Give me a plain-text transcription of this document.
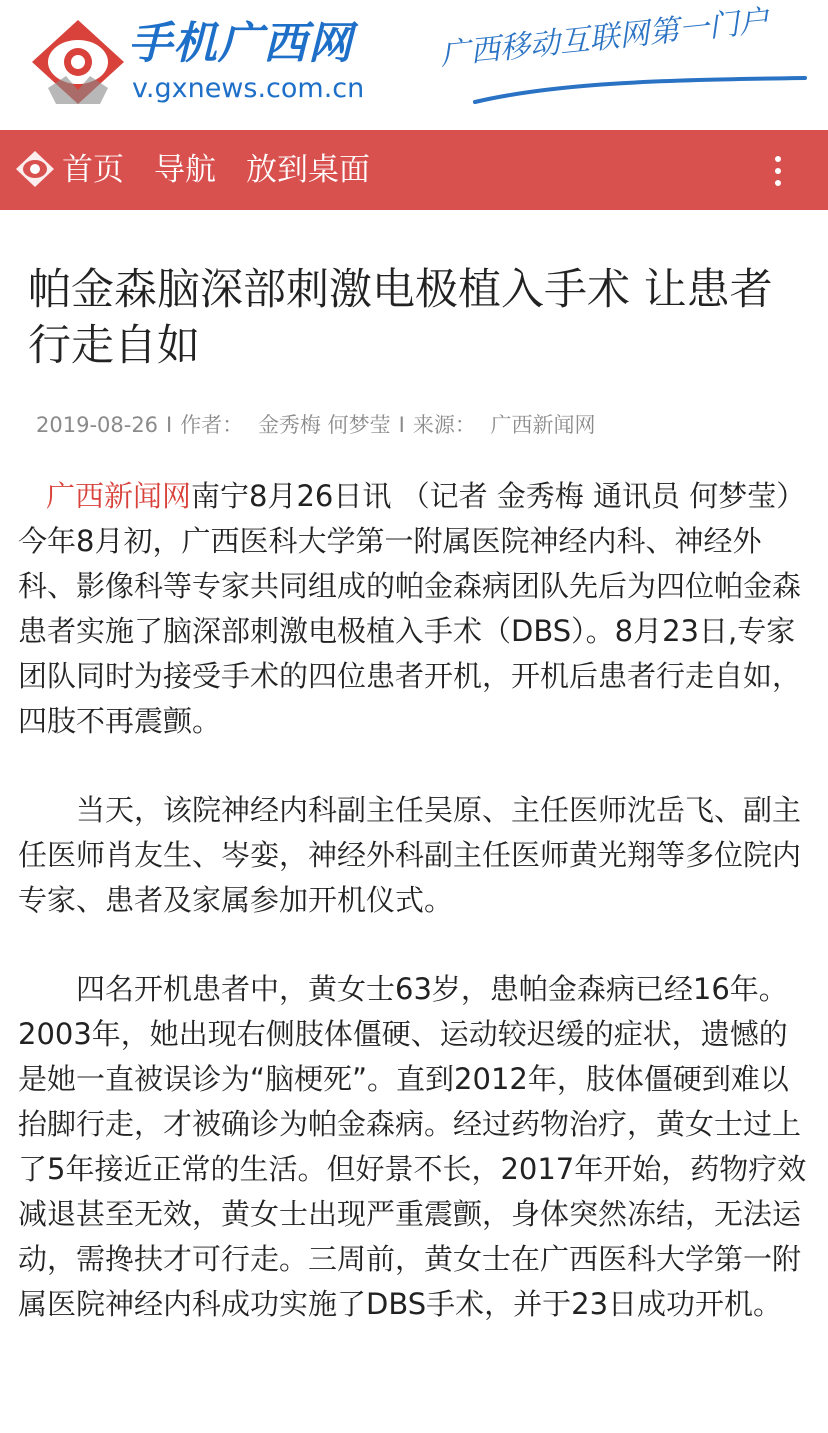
手机广西网
v.gxnews.com.cn
广西移动互联网第一门户
首页 导航 放到桌面
帕金森脑深部刺激电极植入手术 让患者行走自如
2019-08-26 I 作者： 金秀梅 何梦莹 I 来源： 广西新闻网

广西新闻网南宁8月26日讯 （记者 金秀梅 通讯员 何梦莹）今年8月初，广西医科大学第一附属医院神经内科、神经外科、影像科等专家共同组成的帕金森病团队先后为四位帕金森患者实施了脑深部刺激电极植入手术（DBS）。8月23日,专家团队同时为接受手术的四位患者开机，开机后患者行走自如，四肢不再震颤。

当天，该院神经内科副主任吴原、主任医师沈岳飞、副主任医师肖友生、岑娈，神经外科副主任医师黄光翔等多位院内专家、患者及家属参加开机仪式。

四名开机患者中，黄女士63岁，患帕金森病已经16年。2003年，她出现右侧肢体僵硬、运动较迟缓的症状，遗憾的是她一直被误诊为“脑梗死”。直到2012年，肢体僵硬到难以抬脚行走，才被确诊为帕金森病。经过药物治疗，黄女士过上了5年接近正常的生活。但好景不长，2017年开始，药物疗效减退甚至无效，黄女士出现严重震颤，身体突然冻结，无法运动，需搀扶才可行走。三周前，黄女士在广西医科大学第一附属医院神经内科成功实施了DBS手术，并于23日成功开机。
